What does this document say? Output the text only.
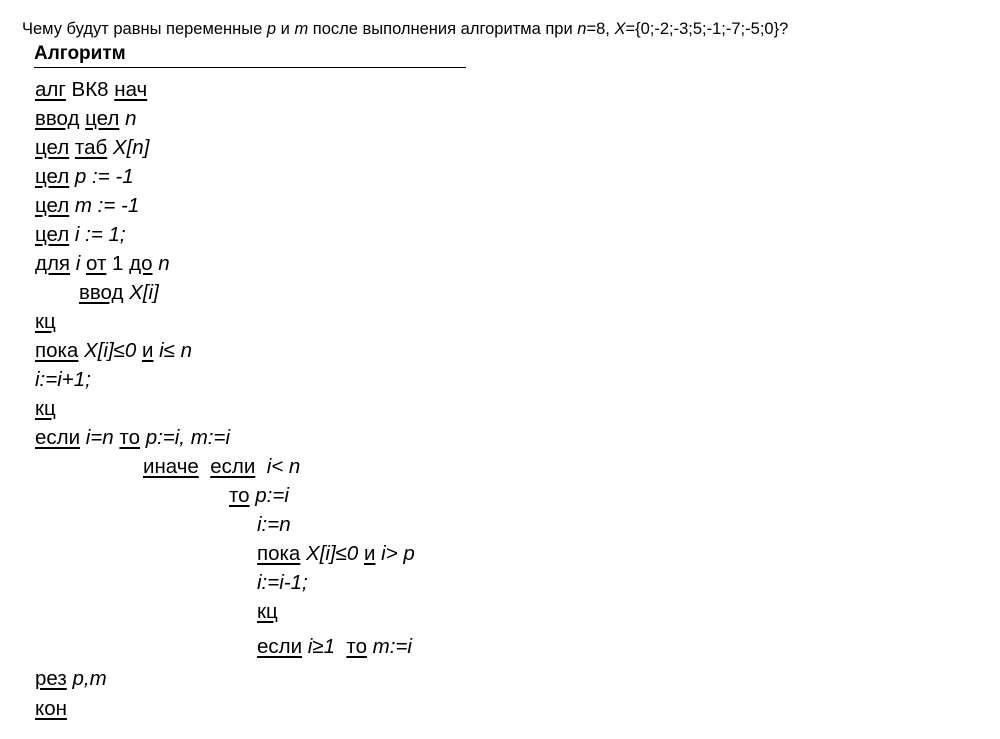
Чему будут равны переменные p и m после выполнения алгоритма при n=8, X={0;-2;-3;5;-1;-7;-5;0}?
Алгоритм
алг ВК8 нач
ввод цел n
цел таб X[n]
цел p := -1
цел m := -1
цел i := 1;
для i от 1 до n
ввод X[i]
кц
пока X[i]≤0 и i≤ n
i:=i+1;
кц
если i=n то p:=i, m:=i
иначе если i< n
то p:=i
i:=n
пока X[i]≤0 и i> p
i:=i-1;
кц
если i≥1 то m:=i
рез p,m
кон
